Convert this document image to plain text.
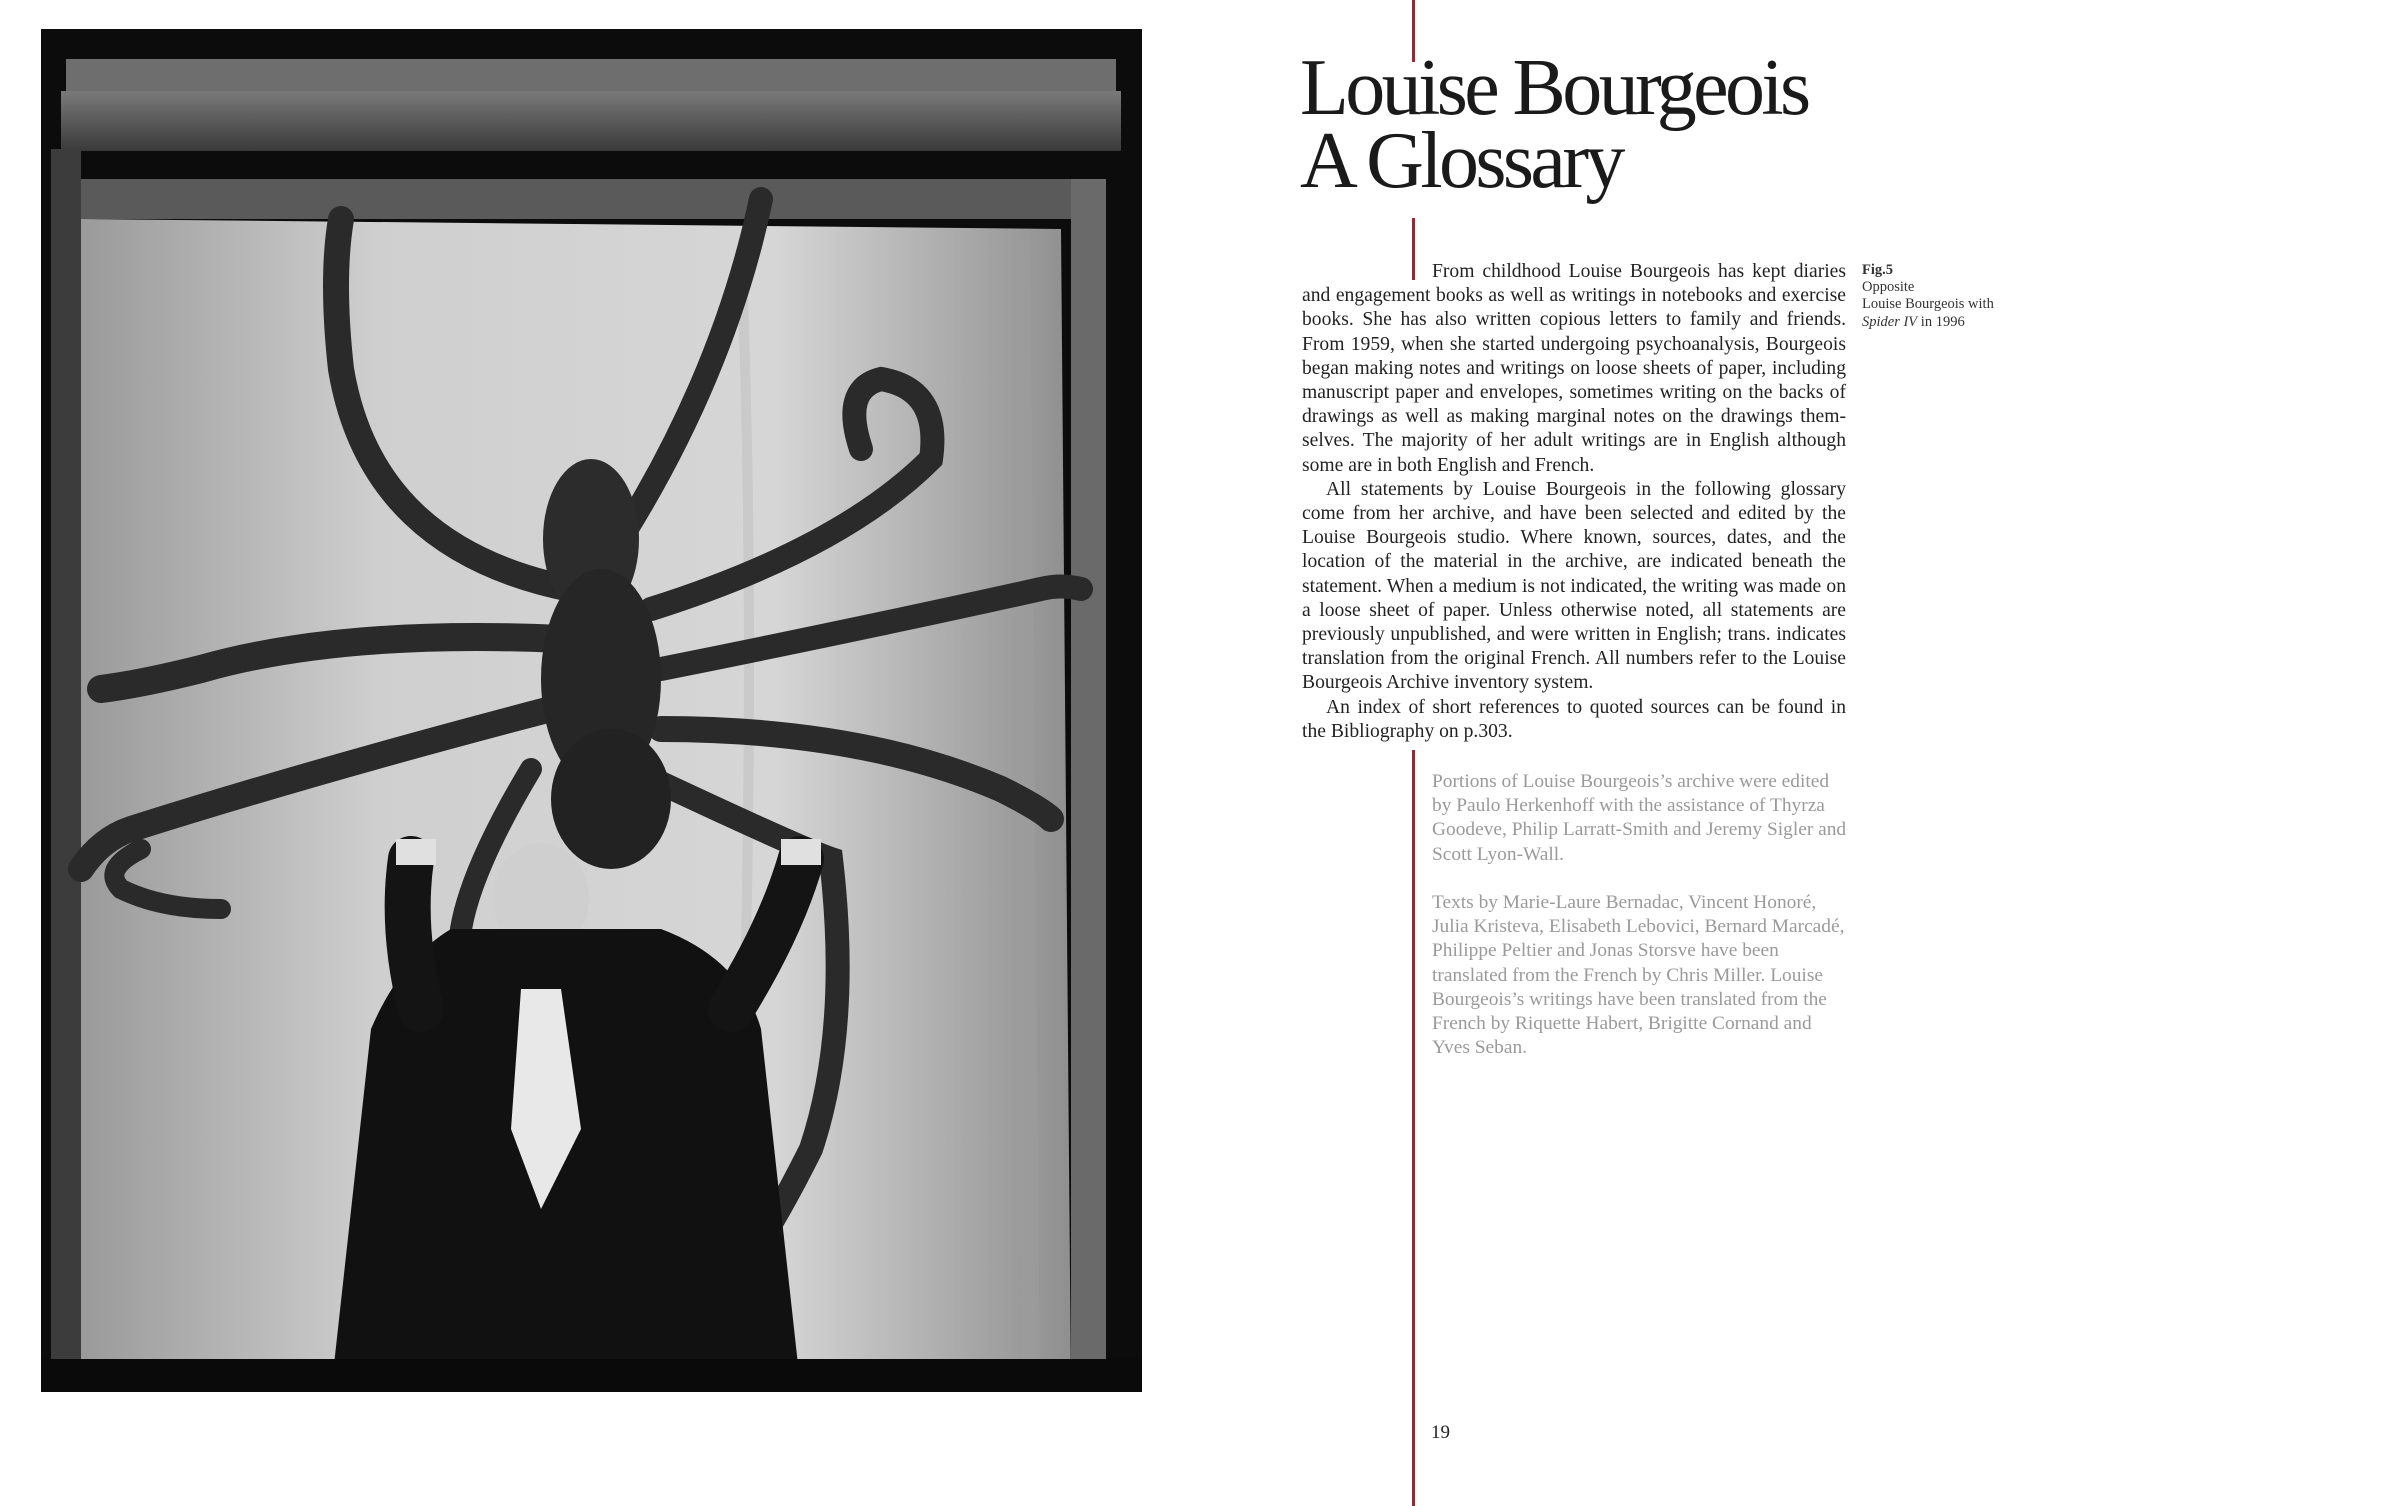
Louise Bourgeois
A Glossary

From childhood Louise Bourgeois has kept diaries and engagement books as well as writings in notebooks and exercise books. She has also written copious letters to family and friends. From 1959, when she started undergoing psychoanalysis, Bourgeois began making notes and writings on loose sheets of paper, including manuscript paper and envelopes, sometimes writing on the backs of drawings as well as making marginal notes on the drawings themselves. The majority of her adult writings are in English although some are in both English and French.

All statements by Louise Bourgeois in the following glossary come from her archive, and have been selected and edited by the Louise Bourgeois studio. Where known, sources, dates, and the location of the material in the archive, are indicated beneath the statement. When a medium is not indicated, the writing was made on a loose sheet of paper. Unless otherwise noted, all statements are previously unpublished, and were written in English; trans. indicates translation from the original French. All numbers refer to the Louise Bourgeois Archive inventory system.

An index of short references to quoted sources can be found in the Bibliography on p.303.

Fig.5
Opposite
Louise Bourgeois with
Spider IV in 1996

Portions of Louise Bourgeois’s archive were edited by Paulo Herkenhoff with the assistance of Thyrza Goodeve, Philip Larratt-Smith and Jeremy Sigler and Scott Lyon-Wall.

Texts by Marie-Laure Bernadac, Vincent Honoré, Julia Kristeva, Elisabeth Lebovici, Bernard Marcadé, Philippe Peltier and Jonas Storsve have been translated from the French by Chris Miller. Louise Bourgeois’s writings have been translated from the French by Riquette Habert, Brigitte Cornand and Yves Seban.

19
